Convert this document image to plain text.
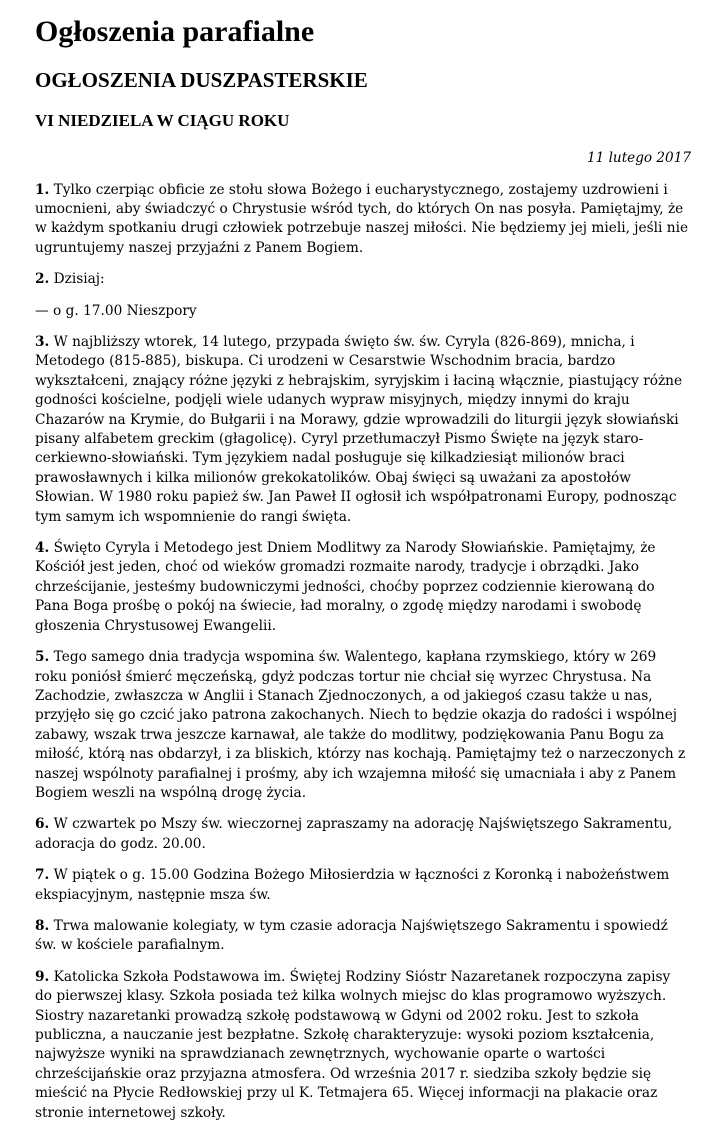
Ogłoszenia parafialne
OGŁOSZENIA DUSZPASTERSKIE
VI NIEDZIELA W CIĄGU ROKU
11 lutego 2017

1. Tylko czerpiąc obficie ze stołu słowa Bożego i eucharystycznego, zostajemy uzdrowieni i umocnieni, aby świadczyć o Chrystusie wśród tych, do których On nas posyła. Pamiętajmy, że w każdym spotkaniu drugi człowiek potrzebuje naszej miłości. Nie będziemy jej mieli, jeśli nie ugruntujemy naszej przyjaźni z Panem Bogiem.

2. Dzisiaj:

— o g. 17.00 Nieszpory

3. W najbliższy wtorek, 14 lutego, przypada święto św. św. Cyryla (826-869), mnicha, i Metodego (815-885), biskupa. Ci urodzeni w Cesarstwie Wschodnim bracia, bardzo wykształceni, znający różne języki z hebrajskim, syryjskim i łaciną włącznie, piastujący różne godności kościelne, podjęli wiele udanych wypraw misyjnych, między innymi do kraju Chazarów na Krymie, do Bułgarii i na Morawy, gdzie wprowadzili do liturgii język słowiański pisany alfabetem greckim (głagolicę). Cyryl przetłumaczył Pismo Święte na język staro-cerkiewno-słowiański. Tym językiem nadal posługuje się kilkadziesiąt milionów braci prawosławnych i kilka milionów grekokatolików. Obaj święci są uważani za apostołów Słowian. W 1980 roku papież św. Jan Paweł II ogłosił ich współpatronami Europy, podnosząc tym samym ich wspomnienie do rangi święta.

4. Święto Cyryla i Metodego jest Dniem Modlitwy za Narody Słowiańskie. Pamiętajmy, że Kościół jest jeden, choć od wieków gromadzi rozmaite narody, tradycje i obrządki. Jako chrześcijanie, jesteśmy budowniczymi jedności, choćby poprzez codziennie kierowaną do Pana Boga prośbę o pokój na świecie, ład moralny, o zgodę między narodami i swobodę głoszenia Chrystusowej Ewangelii.

5. Tego samego dnia tradycja wspomina św. Walentego, kapłana rzymskiego, który w 269 roku poniósł śmierć męczeńską, gdyż podczas tortur nie chciał się wyrzec Chrystusa. Na Zachodzie, zwłaszcza w Anglii i Stanach Zjednoczonych, a od jakiegoś czasu także u nas, przyjęło się go czcić jako patrona zakochanych. Niech to będzie okazja do radości i wspólnej zabawy, wszak trwa jeszcze karnawał, ale także do modlitwy, podziękowania Panu Bogu za miłość, którą nas obdarzył, i za bliskich, którzy nas kochają. Pamiętajmy też o narzeczonych z naszej wspólnoty parafialnej i prośmy, aby ich wzajemna miłość się umacniała i aby z Panem Bogiem weszli na wspólną drogę życia.

6. W czwartek po Mszy św. wieczornej zapraszamy na adorację Najświętszego Sakramentu, adoracja do godz. 20.00.

7. W piątek o g. 15.00 Godzina Bożego Miłosierdzia w łączności z Koronką i nabożeństwem ekspiacyjnym, następnie msza św.

8. Trwa malowanie kolegiaty, w tym czasie adoracja Najświętszego Sakramentu i spowiedź św. w kościele parafialnym.

9. Katolicka Szkoła Podstawowa im. Świętej Rodziny Sióstr Nazaretanek rozpoczyna zapisy do pierwszej klasy. Szkoła posiada też kilka wolnych miejsc do klas programowo wyższych. Siostry nazaretanki prowadzą szkołę podstawową w Gdyni od 2002 roku. Jest to szkoła publiczna, a nauczanie jest bezpłatne. Szkołę charakteryzuje: wysoki poziom kształcenia, najwyższe wyniki na sprawdzianach zewnętrznych, wychowanie oparte o wartości chrześcijańskie oraz przyjazna atmosfera. Od września 2017 r. siedziba szkoły będzie się mieścić na Płycie Redłowskiej przy ul K. Tetmajera 65. Więcej informacji na plakacie oraz stronie internetowej szkoły.
